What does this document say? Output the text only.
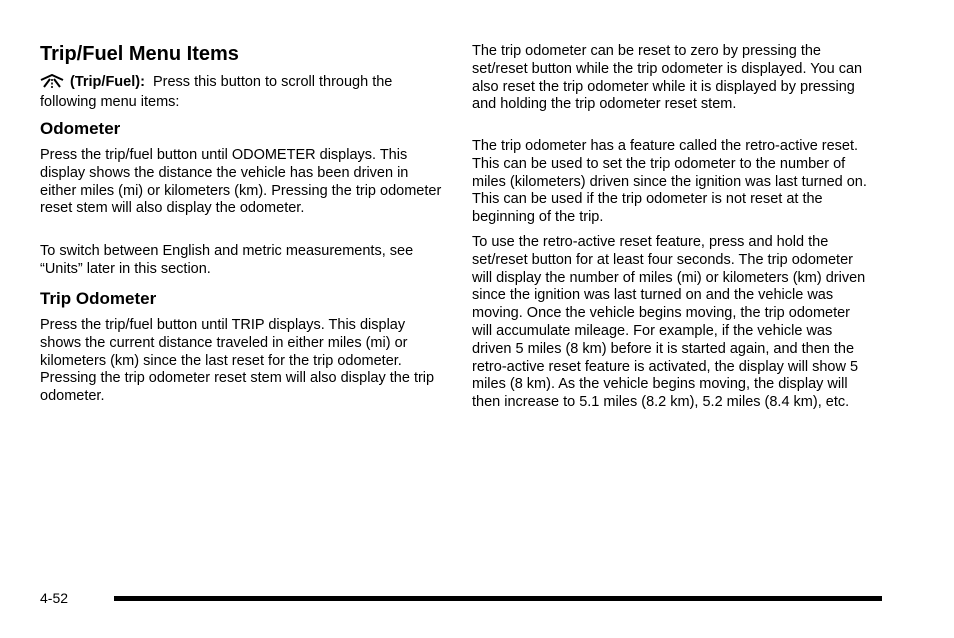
Trip/Fuel Menu Items
(Trip/Fuel): Press this button to scroll through the following menu items:
Odometer

Press the trip/fuel button until ODOMETER displays. This display shows the distance the vehicle has been driven in either miles (mi) or kilometers (km). Pressing the trip odometer reset stem will also display the odometer.

To switch between English and metric measurements, see “Units” later in this section.

Trip Odometer

Press the trip/fuel button until TRIP displays. This display shows the current distance traveled in either miles (mi) or kilometers (km) since the last reset for the trip odometer. Pressing the trip odometer reset stem will also display the trip odometer.

The trip odometer can be reset to zero by pressing the set/reset button while the trip odometer is displayed. You can also reset the trip odometer while it is displayed by pressing and holding the trip odometer reset stem.

The trip odometer has a feature called the retro-active reset. This can be used to set the trip odometer to the number of miles (kilometers) driven since the ignition was last turned on. This can be used if the trip odometer is not reset at the beginning of the trip.

To use the retro-active reset feature, press and hold the set/reset button for at least four seconds. The trip odometer will display the number of miles (mi) or kilometers (km) driven since the ignition was last turned on and the vehicle was moving. Once the vehicle begins moving, the trip odometer will accumulate mileage. For example, if the vehicle was driven 5 miles (8 km) before it is started again, and then the retro-active reset feature is activated, the display will show 5 miles (8 km). As the vehicle begins moving, the display will then increase to 5.1 miles (8.2 km), 5.2 miles (8.4 km), etc.

4-52
